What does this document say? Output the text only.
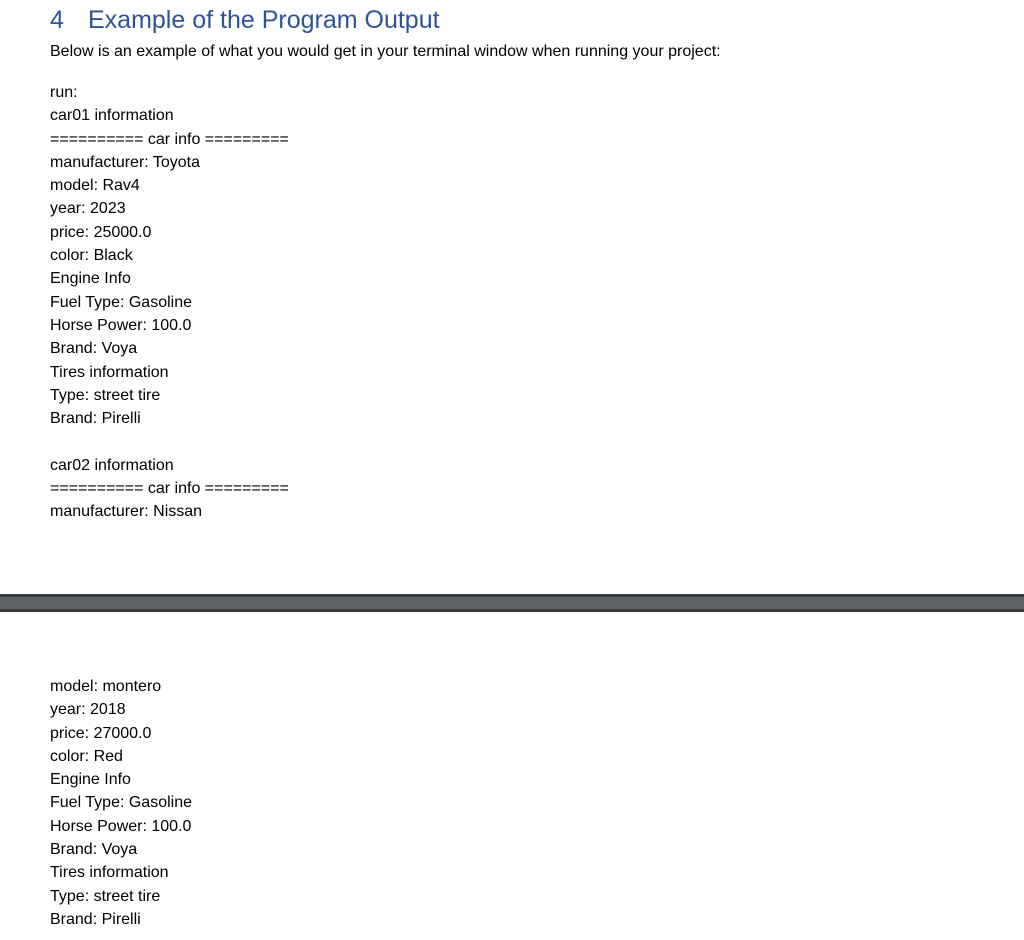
4 Example of the Program Output

Below is an example of what you would get in your terminal window when running your project:

run:
car01 information
========== car info =========
manufacturer: Toyota
model: Rav4
year: 2023
price: 25000.0
color: Black
Engine Info
Fuel Type: Gasoline
Horse Power: 100.0
Brand: Voya
Tires information
Type: street tire
Brand: Pirelli
car02 information
========== car info =========
manufacturer: Nissan
model: montero
year: 2018
price: 27000.0
color: Red
Engine Info
Fuel Type: Gasoline
Horse Power: 100.0
Brand: Voya
Tires information
Type: street tire
Brand: Pirelli
